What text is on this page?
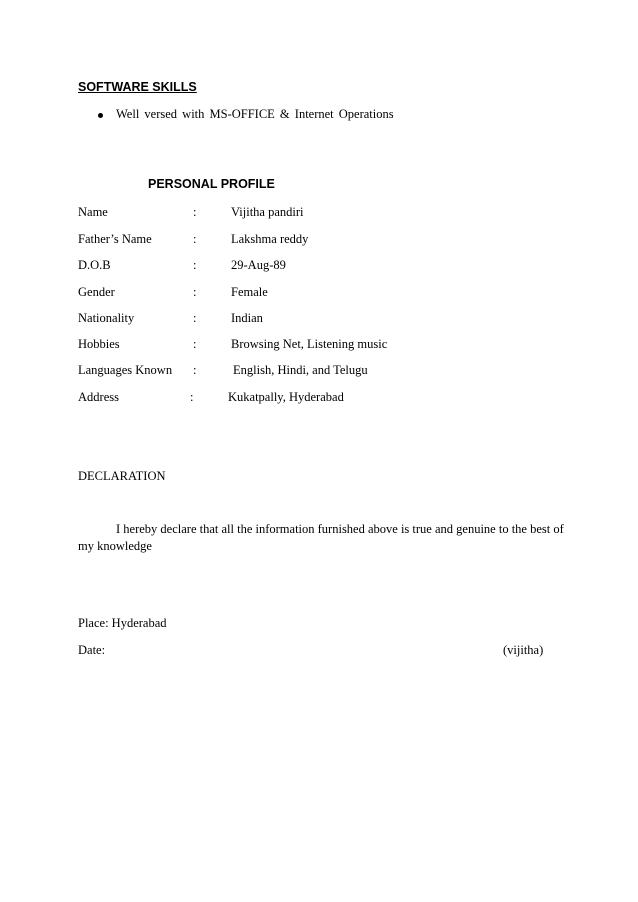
SOFTWARE SKILLS
Well versed with MS-OFFICE & Internet Operations
PERSONAL PROFILE
Name	:	Vijitha pandiri
Father’s Name	:	Lakshma reddy
D.O.B	:	29-Aug-89
Gender	:	Female
Nationality	:	Indian
Hobbies	:	Browsing Net, Listening music
Languages Known :	English, Hindi, and Telugu
Address	:	Kukatpally, Hyderabad
DECLARATION
I hereby declare that all the information furnished above is true and genuine to the best of my knowledge
Place: Hyderabad
Date:	(vijitha)
